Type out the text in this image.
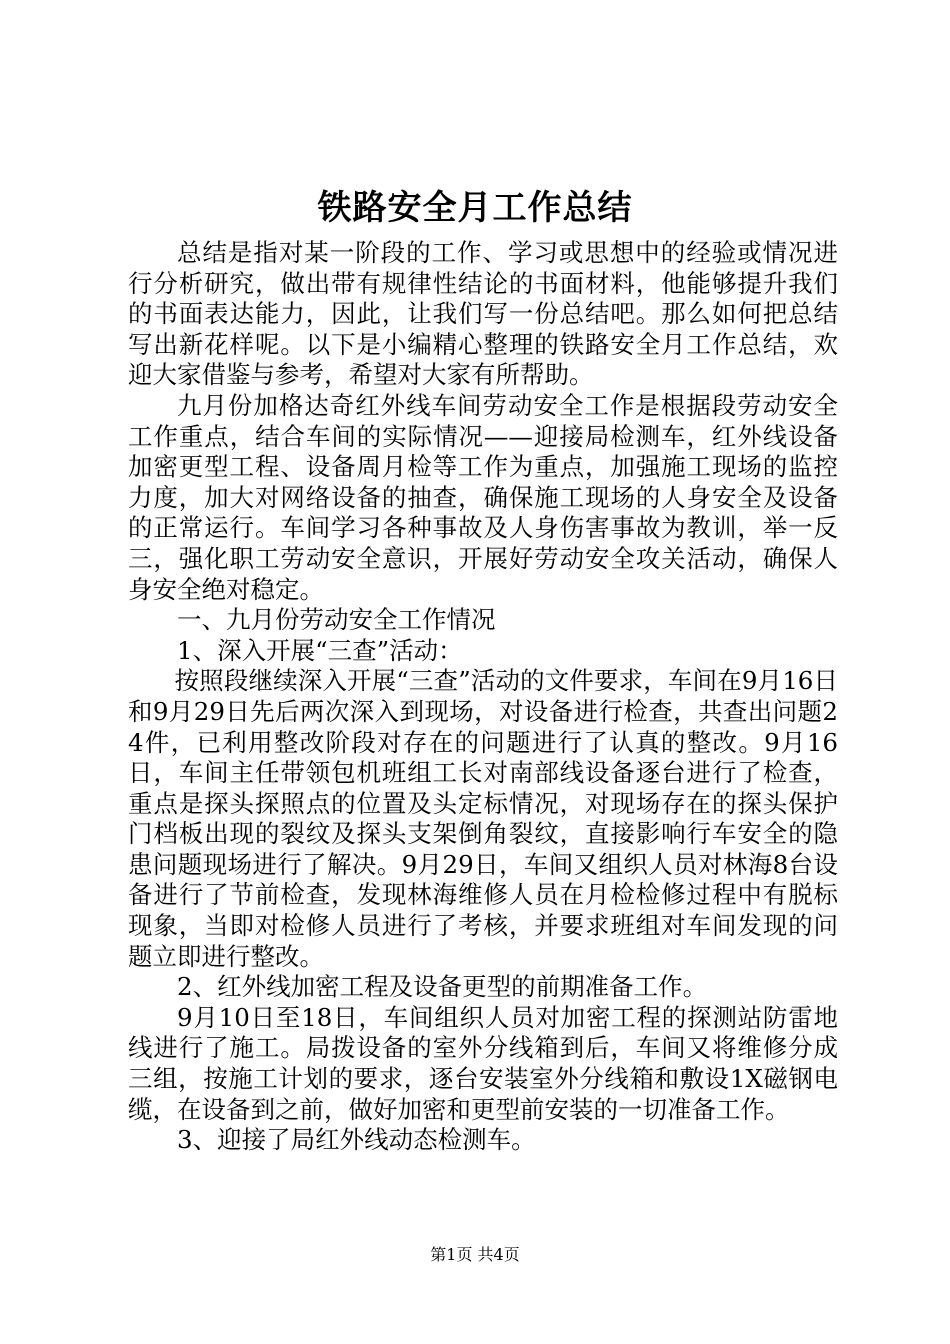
铁路安全月工作总结

总结是指对某一阶段的工作、学习或思想中的经验或情况进行分析研究，做出带有规律性结论的书面材料，他能够提升我们的书面表达能力，因此，让我们写一份总结吧。那么如何把总结写出新花样呢。以下是小编精心整理的铁路安全月工作总结，欢迎大家借鉴与参考，希望对大家有所帮助。

九月份加格达奇红外线车间劳动安全工作是根据段劳动安全工作重点，结合车间的实际情况——迎接局检测车，红外线设备加密更型工程、设备周月检等工作为重点，加强施工现场的监控力度，加大对网络设备的抽查，确保施工现场的人身安全及设备的正常运行。车间学习各种事故及人身伤害事故为教训，举一反三，强化职工劳动安全意识，开展好劳动安全攻关活动，确保人身安全绝对稳定。

一、九月份劳动安全工作情况

1、深入开展“三查”活动：

按照段继续深入开展“三查”活动的文件要求，车间在9月16日和9月29日先后两次深入到现场，对设备进行检查，共查出问题24件，已利用整改阶段对存在的问题进行了认真的整改。9月16日，车间主任带领包机班组工长对南部线设备逐台进行了检查，重点是探头探照点的位置及头定标情况，对现场存在的探头保护门档板出现的裂纹及探头支架倒角裂纹，直接影响行车安全的隐患问题现场进行了解决。9月29日，车间又组织人员对林海8台设备进行了节前检查，发现林海维修人员在月检检修过程中有脱标现象，当即对检修人员进行了考核，并要求班组对车间发现的问题立即进行整改。

2、红外线加密工程及设备更型的前期准备工作。

9月10日至18日，车间组织人员对加密工程的探测站防雷地线进行了施工。局拨设备的室外分线箱到后，车间又将维修分成三组，按施工计划的要求，逐台安装室外分线箱和敷设1X磁钢电缆，在设备到之前，做好加密和更型前安装的一切准备工作。

3、迎接了局红外线动态检测车。

第1页 共4页
